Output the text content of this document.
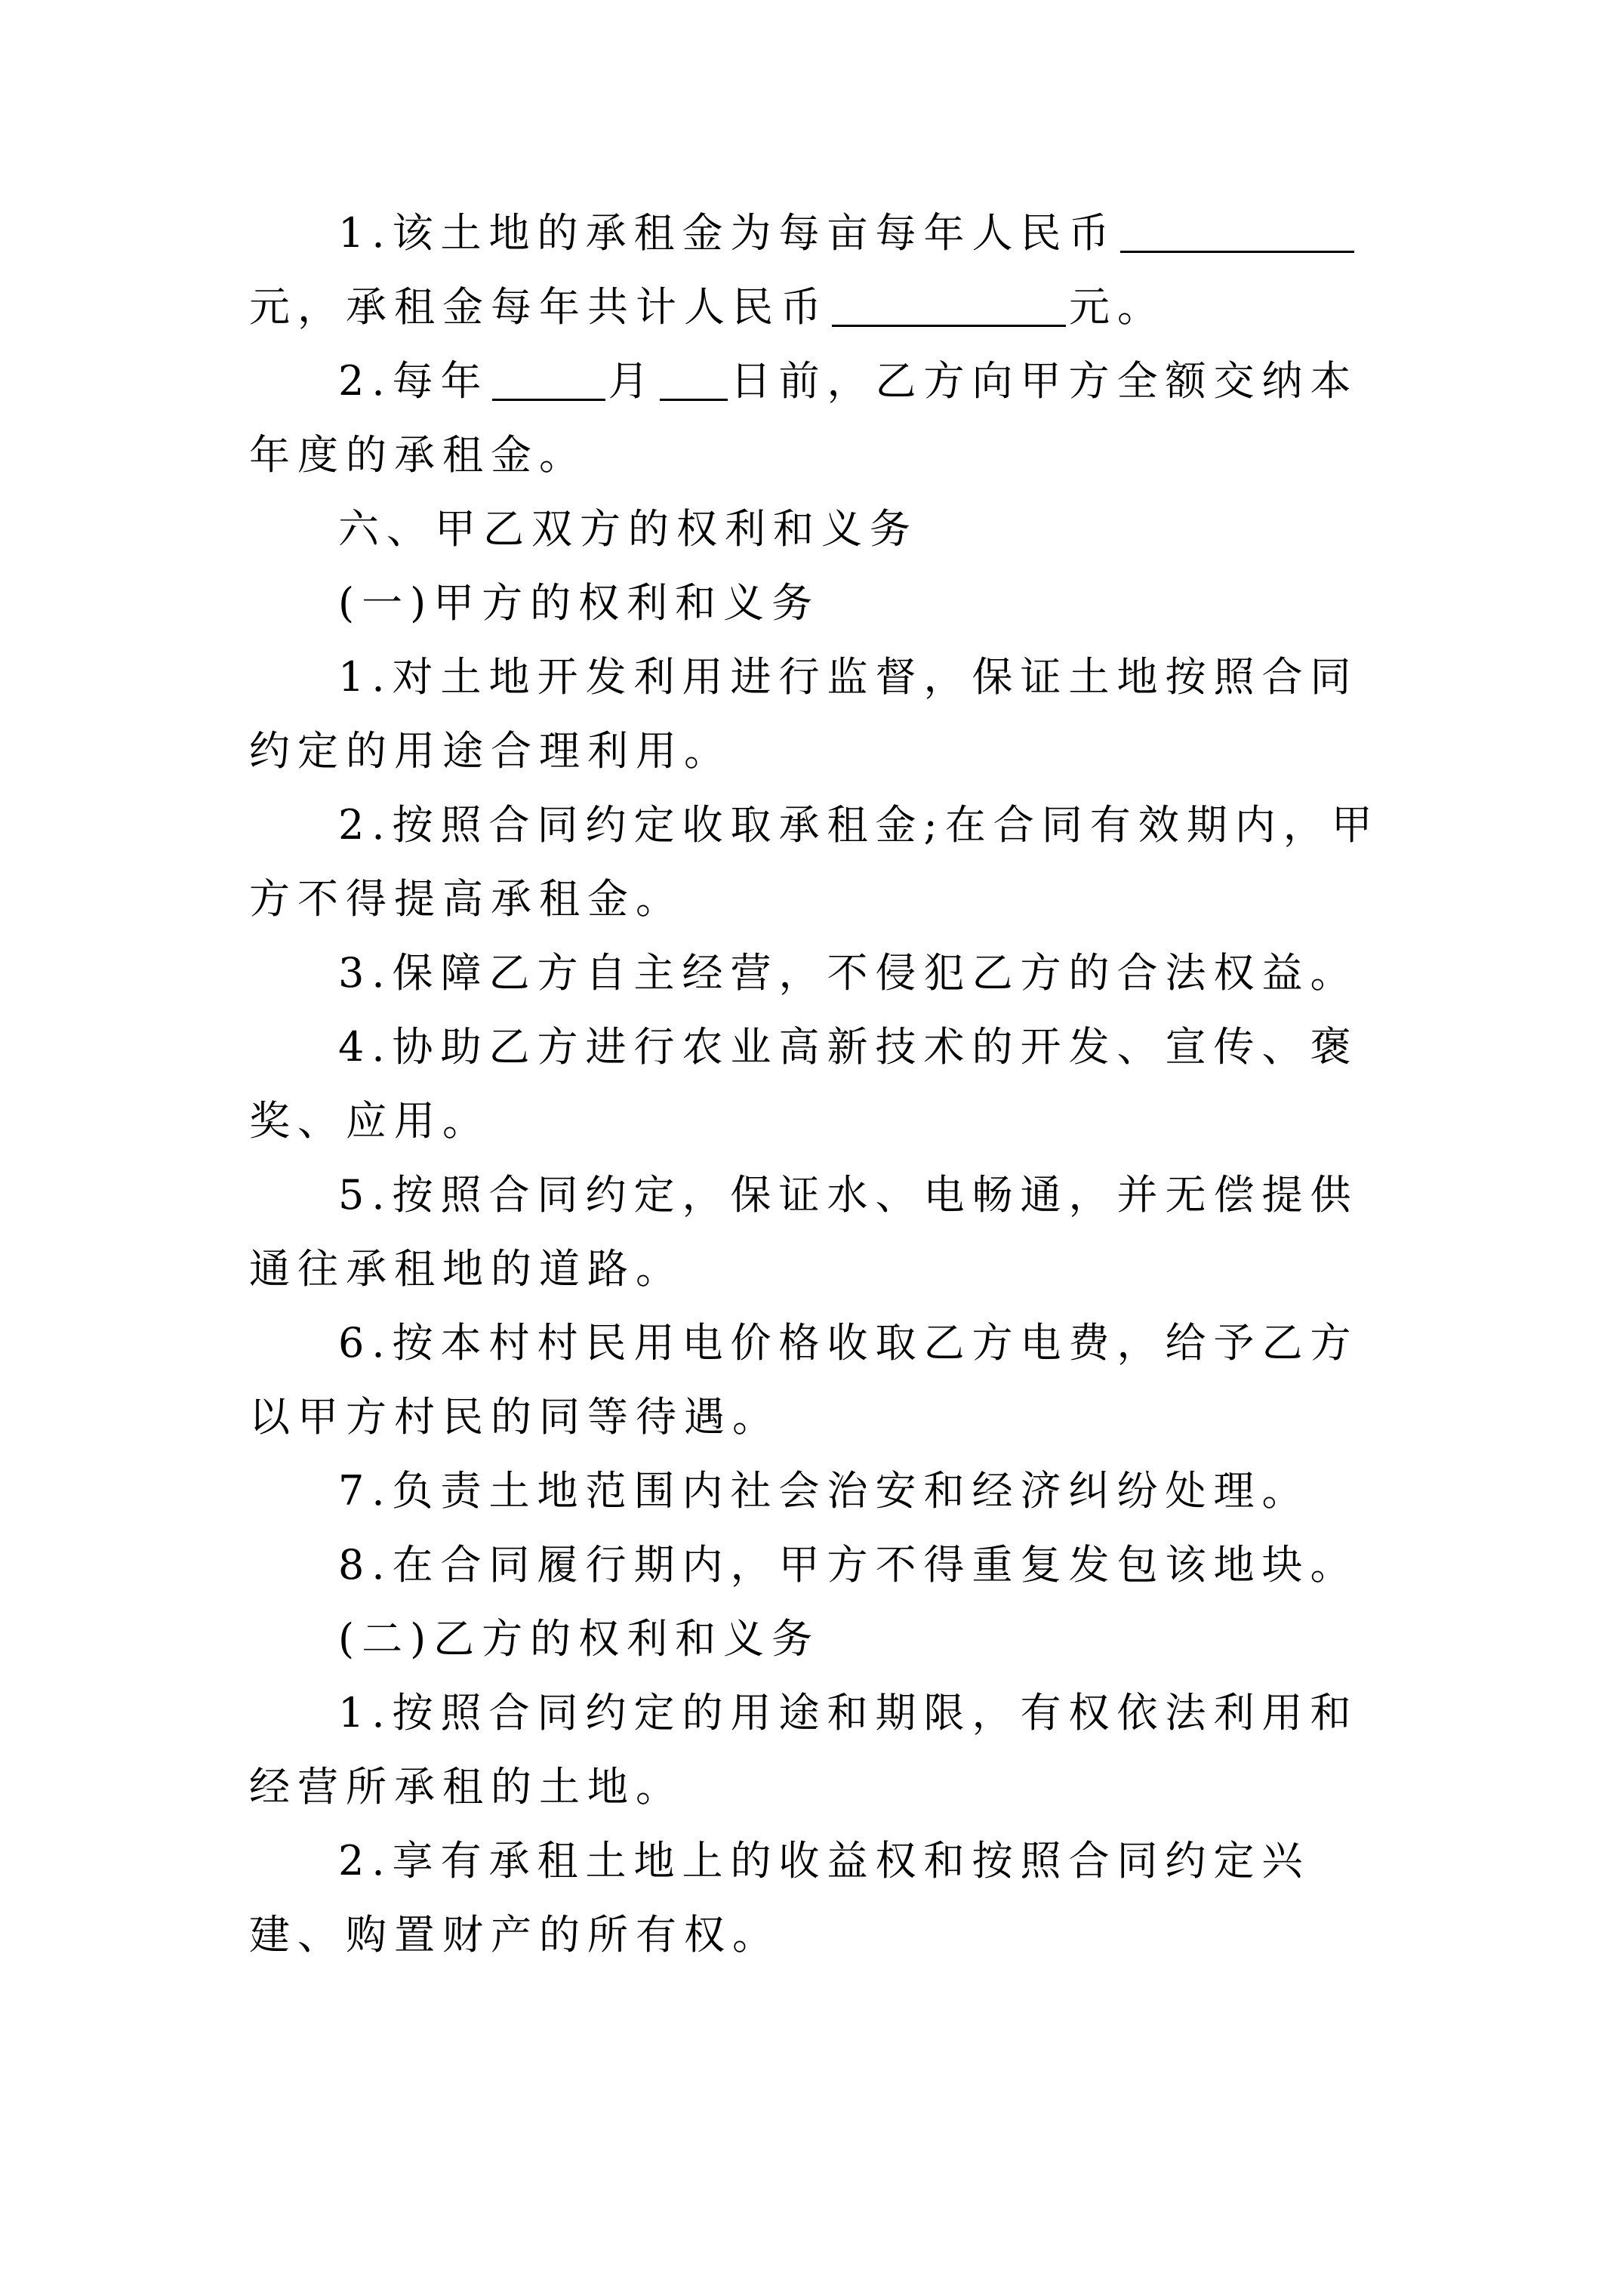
1.该土地的承租金为每亩每年人民币元，承租金每年共计人民币	元。

2.每年	月 日前，乙方向甲方全额交纳本年度的承租金。

六、甲乙双方的权利和义务

(一)甲方的权利和义务

1.对土地开发利用进行监督，保证土地按照合同约定的用途合理利用。

2.按照合同约定收取承租金;在合同有效期内，甲方不得提高承租金。

3.保障乙方自主经营，不侵犯乙方的合法权益。

4.协助乙方进行农业高新技术的开发、宣传、褒奖、应用。

5.按照合同约定，保证水、电畅通，并无偿提供通往承租地的道路。

6.按本村村民用电价格收取乙方电费，给予乙方以甲方村民的同等待遇。

7.负责土地范围内社会治安和经济纠纷处理。

8.在合同履行期内，甲方不得重复发包该地块。

(二)乙方的权利和义务

1.按照合同约定的用途和期限，有权依法利用和经营所承租的土地。

2.享有承租土地上的收益权和按照合同约定兴建、购置财产的所有权。
